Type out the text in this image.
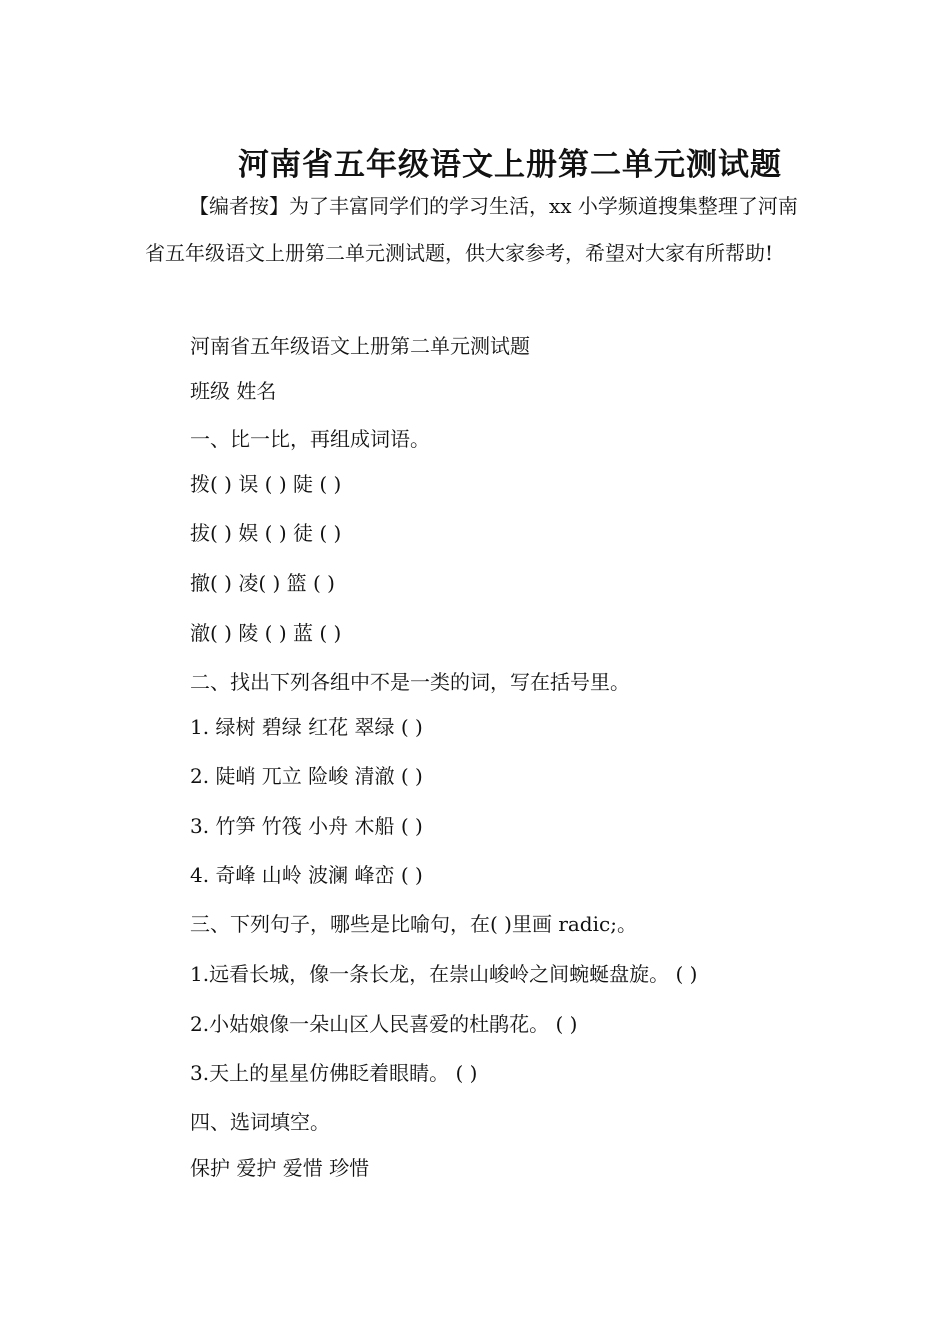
河南省五年级语文上册第二单元测试题

【编者按】为了丰富同学们的学习生活，xx 小学频道搜集整理了河南省五年级语文上册第二单元测试题，供大家参考，希望对大家有所帮助!

河南省五年级语文上册第二单元测试题

班级 姓名

一、比一比，再组成词语。

拨( ) 误 ( ) 陡 ( )

拔( ) 娱 ( ) 徒 ( )

撤( ) 凌( ) 篮 ( )

澈( ) 陵 ( ) 蓝 ( )

二、找出下列各组中不是一类的词，写在括号里。

1. 绿树 碧绿 红花 翠绿 ( )

2. 陡峭 兀立 险峻 清澈 ( )

3. 竹笋 竹筏 小舟 木船 ( )

4. 奇峰 山岭 波澜 峰峦 ( )

三、下列句子，哪些是比喻句，在( )里画 radic;。

1.远看长城，像一条长龙，在崇山峻岭之间蜿蜒盘旋。 ( )

2.小姑娘像一朵山区人民喜爱的杜鹃花。 ( )

3.天上的星星仿佛眨着眼睛。 ( )

四、选词填空。

保护 爱护 爱惜 珍惜
